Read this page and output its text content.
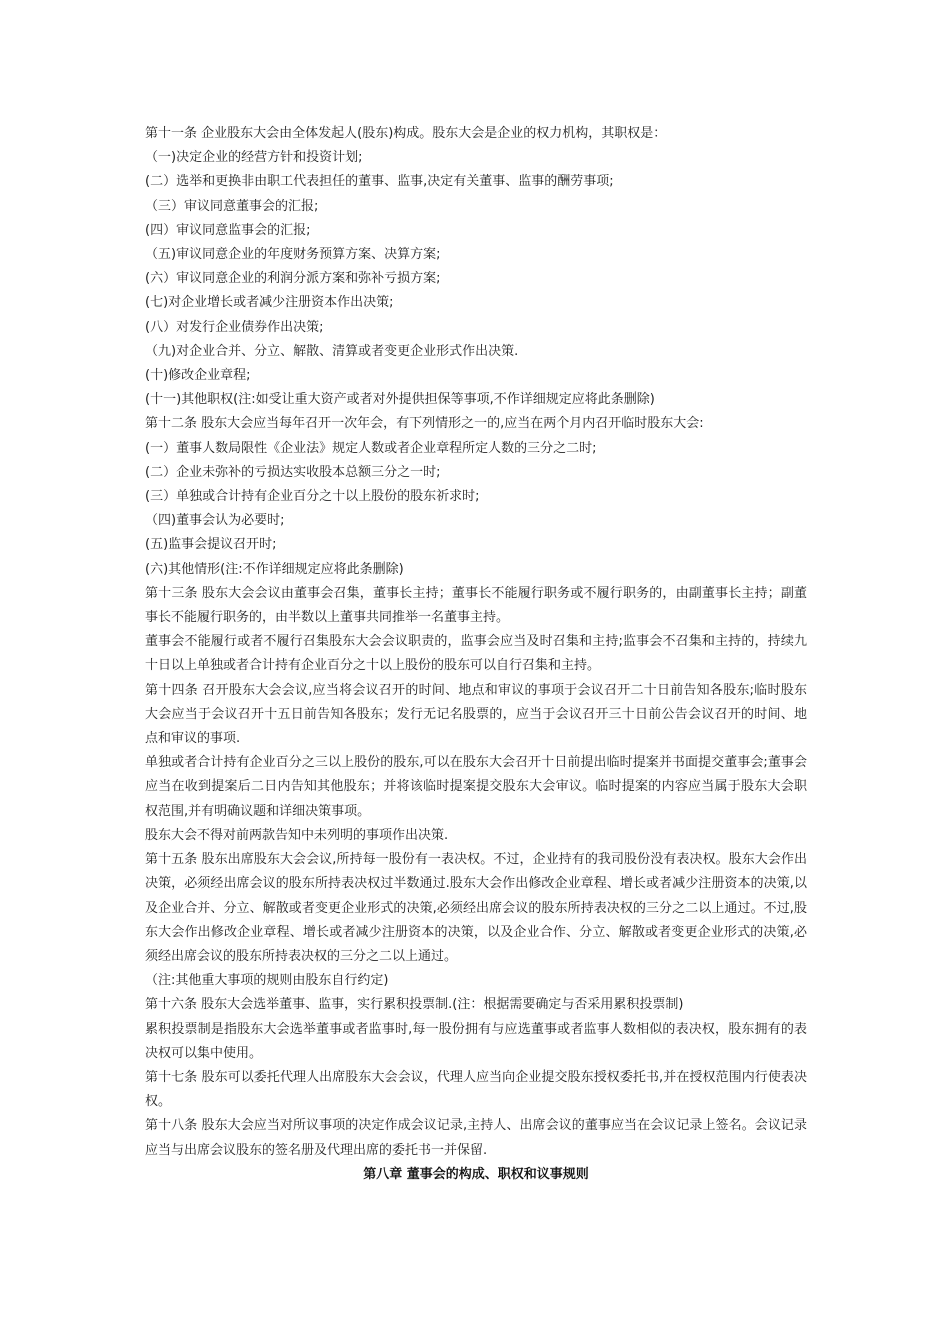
第十一条 企业股东大会由全体发起人(股东)构成。股东大会是企业的权力机构，其职权是：

（一)决定企业的经营方针和投资计划;

(二）选举和更换非由职工代表担任的董事、监事,决定有关董事、监事的酬劳事项;

（三）审议同意董事会的汇报;

(四）审议同意监事会的汇报;

（五)审议同意企业的年度财务预算方案、决算方案;

(六）审议同意企业的利润分派方案和弥补亏损方案;

(七)对企业增长或者减少注册资本作出决策;

(八）对发行企业债券作出决策;

（九)对企业合并、分立、解散、清算或者变更企业形式作出决策.

(十)修改企业章程;

(十一)其他职权(注:如受让重大资产或者对外提供担保等事项,不作详细规定应将此条删除)

第十二条 股东大会应当每年召开一次年会，有下列情形之一的,应当在两个月内召开临时股东大会:

(一）董事人数局限性《企业法》规定人数或者企业章程所定人数的三分之二时;

(二）企业未弥补的亏损达实收股本总额三分之一时;

(三）单独或合计持有企业百分之十以上股份的股东祈求时;

（四)董事会认为必要时;

(五)监事会提议召开时;

(六)其他情形(注:不作详细规定应将此条删除)

第十三条 股东大会会议由董事会召集，董事长主持；董事长不能履行职务或不履行职务的，由副董事长主持；副董事长不能履行职务的，由半数以上董事共同推举一名董事主持。

董事会不能履行或者不履行召集股东大会会议职责的，监事会应当及时召集和主持;监事会不召集和主持的，持续九十日以上单独或者合计持有企业百分之十以上股份的股东可以自行召集和主持。

第十四条 召开股东大会会议,应当将会议召开的时间、地点和审议的事项于会议召开二十日前告知各股东;临时股东大会应当于会议召开十五日前告知各股东；发行无记名股票的，应当于会议召开三十日前公告会议召开的时间、地点和审议的事项.

单独或者合计持有企业百分之三以上股份的股东,可以在股东大会召开十日前提出临时提案并书面提交董事会;董事会应当在收到提案后二日内告知其他股东；并将该临时提案提交股东大会审议。临时提案的内容应当属于股东大会职权范围,并有明确议题和详细决策事项。

股东大会不得对前两款告知中未列明的事项作出决策.

第十五条 股东出席股东大会会议,所持每一股份有一表决权。不过，企业持有的我司股份没有表决权。股东大会作出决策，必须经出席会议的股东所持表决权过半数通过.股东大会作出修改企业章程、增长或者减少注册资本的决策,以及企业合并、分立、解散或者变更企业形式的决策,必须经出席会议的股东所持表决权的三分之二以上通过。不过,股东大会作出修改企业章程、增长或者减少注册资本的决策，以及企业合作、分立、解散或者变更企业形式的决策,必须经出席会议的股东所持表决权的三分之二以上通过。

（注:其他重大事项的规则由股东自行约定)

第十六条 股东大会选举董事、监事，实行累积投票制.(注：根据需要确定与否采用累积投票制)

累积投票制是指股东大会选举董事或者监事时,每一股份拥有与应选董事或者监事人数相似的表决权，股东拥有的表决权可以集中使用。

第十七条 股东可以委托代理人出席股东大会会议，代理人应当向企业提交股东授权委托书,并在授权范围内行使表决权。

第十八条 股东大会应当对所议事项的决定作成会议记录,主持人、出席会议的董事应当在会议记录上签名。会议记录应当与出席会议股东的签名册及代理出席的委托书一并保留.

第八章 董事会的构成、职权和议事规则
